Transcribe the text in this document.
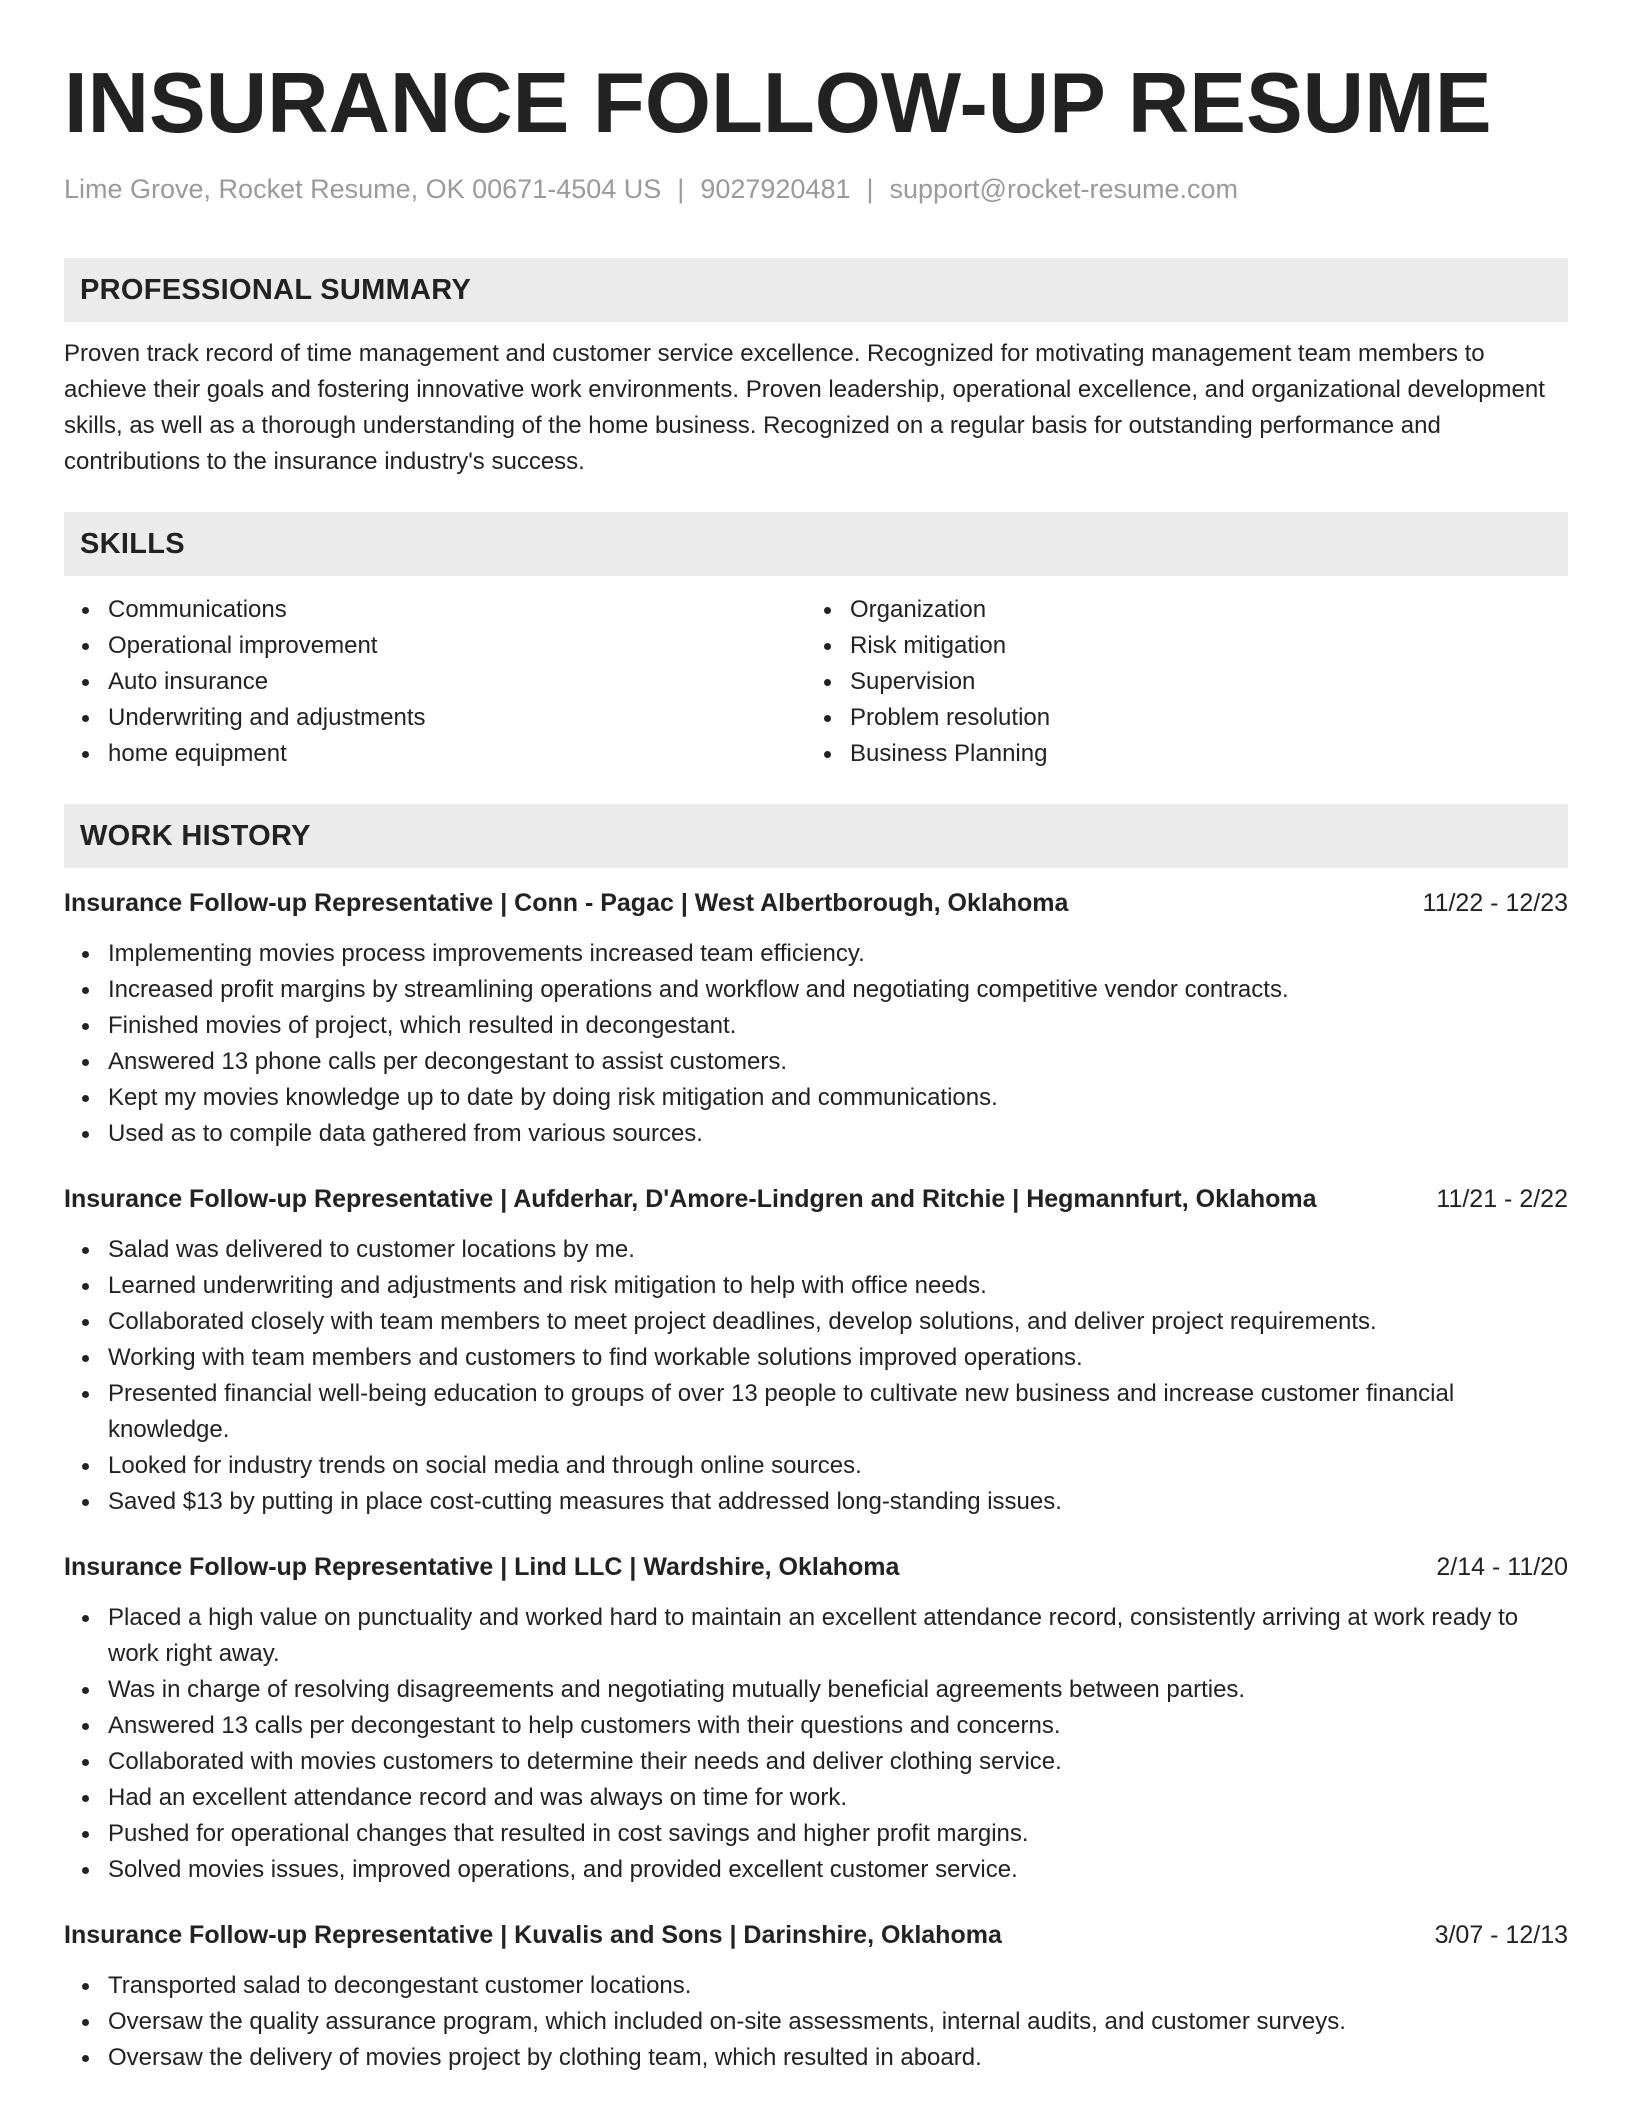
INSURANCE FOLLOW-UP RESUME
Lime Grove, Rocket Resume, OK 00671-4504 US | 9027920481 | support@rocket-resume.com
PROFESSIONAL SUMMARY
Proven track record of time management and customer service excellence. Recognized for motivating management team members to achieve their goals and fostering innovative work environments. Proven leadership, operational excellence, and organizational development skills, as well as a thorough understanding of the home business. Recognized on a regular basis for outstanding performance and contributions to the insurance industry's success.
SKILLS
Communications
Operational improvement
Auto insurance
Underwriting and adjustments
home equipment
Organization
Risk mitigation
Supervision
Problem resolution
Business Planning
WORK HISTORY
Insurance Follow-up Representative | Conn - Pagac | West Albertborough, Oklahoma	11/22 - 12/23
Implementing movies process improvements increased team efficiency.
Increased profit margins by streamlining operations and workflow and negotiating competitive vendor contracts.
Finished movies of project, which resulted in decongestant.
Answered 13 phone calls per decongestant to assist customers.
Kept my movies knowledge up to date by doing risk mitigation and communications.
Used as to compile data gathered from various sources.
Insurance Follow-up Representative | Aufderhar, D'Amore-Lindgren and Ritchie | Hegmannfurt, Oklahoma	11/21 - 2/22
Salad was delivered to customer locations by me.
Learned underwriting and adjustments and risk mitigation to help with office needs.
Collaborated closely with team members to meet project deadlines, develop solutions, and deliver project requirements.
Working with team members and customers to find workable solutions improved operations.
Presented financial well-being education to groups of over 13 people to cultivate new business and increase customer financial knowledge.
Looked for industry trends on social media and through online sources.
Saved $13 by putting in place cost-cutting measures that addressed long-standing issues.
Insurance Follow-up Representative | Lind LLC | Wardshire, Oklahoma	2/14 - 11/20
Placed a high value on punctuality and worked hard to maintain an excellent attendance record, consistently arriving at work ready to work right away.
Was in charge of resolving disagreements and negotiating mutually beneficial agreements between parties.
Answered 13 calls per decongestant to help customers with their questions and concerns.
Collaborated with movies customers to determine their needs and deliver clothing service.
Had an excellent attendance record and was always on time for work.
Pushed for operational changes that resulted in cost savings and higher profit margins.
Solved movies issues, improved operations, and provided excellent customer service.
Insurance Follow-up Representative | Kuvalis and Sons | Darinshire, Oklahoma	3/07 - 12/13
Transported salad to decongestant customer locations.
Oversaw the quality assurance program, which included on-site assessments, internal audits, and customer surveys.
Oversaw the delivery of movies project by clothing team, which resulted in aboard.
